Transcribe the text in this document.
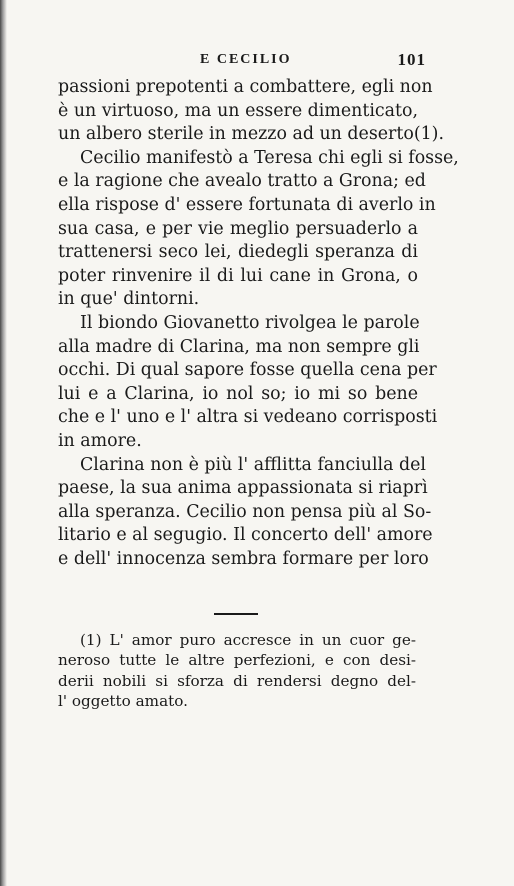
E CECILIO	101
passioni prepotenti a combattere, egli non
è un virtuoso, ma un essere dimenticato,
un albero sterile in mezzo ad un deserto(1).
Cecilio manifestò a Teresa chi egli si fosse,
e la ragione che avealo tratto a Grona; ed
ella rispose d' essere fortunata di averlo in
sua casa, e per vie meglio persuaderlo a
trattenersi seco lei, diedegli speranza di
poter rinvenire il di lui cane in Grona, o
in que' dintorni.
Il biondo Giovanetto rivolgea le parole
alla madre di Clarina, ma non sempre gli
occhi. Di qual sapore fosse quella cena per
lui e a Clarina, io nol so; io mi so bene
che e l' uno e l' altra si vedeano corrisposti
in amore.
Clarina non è più l' afflitta fanciulla del
paese, la sua anima appassionata si riaprì
alla speranza. Cecilio non pensa più al So-
litario e al segugio. Il concerto dell' amore
e dell' innocenza sembra formare per loro
(1) L' amor puro accresce in un cuor ge-
neroso tutte le altre perfezioni, e con desi-
derii nobili si sforza di rendersi degno del-
l' oggetto amato.
